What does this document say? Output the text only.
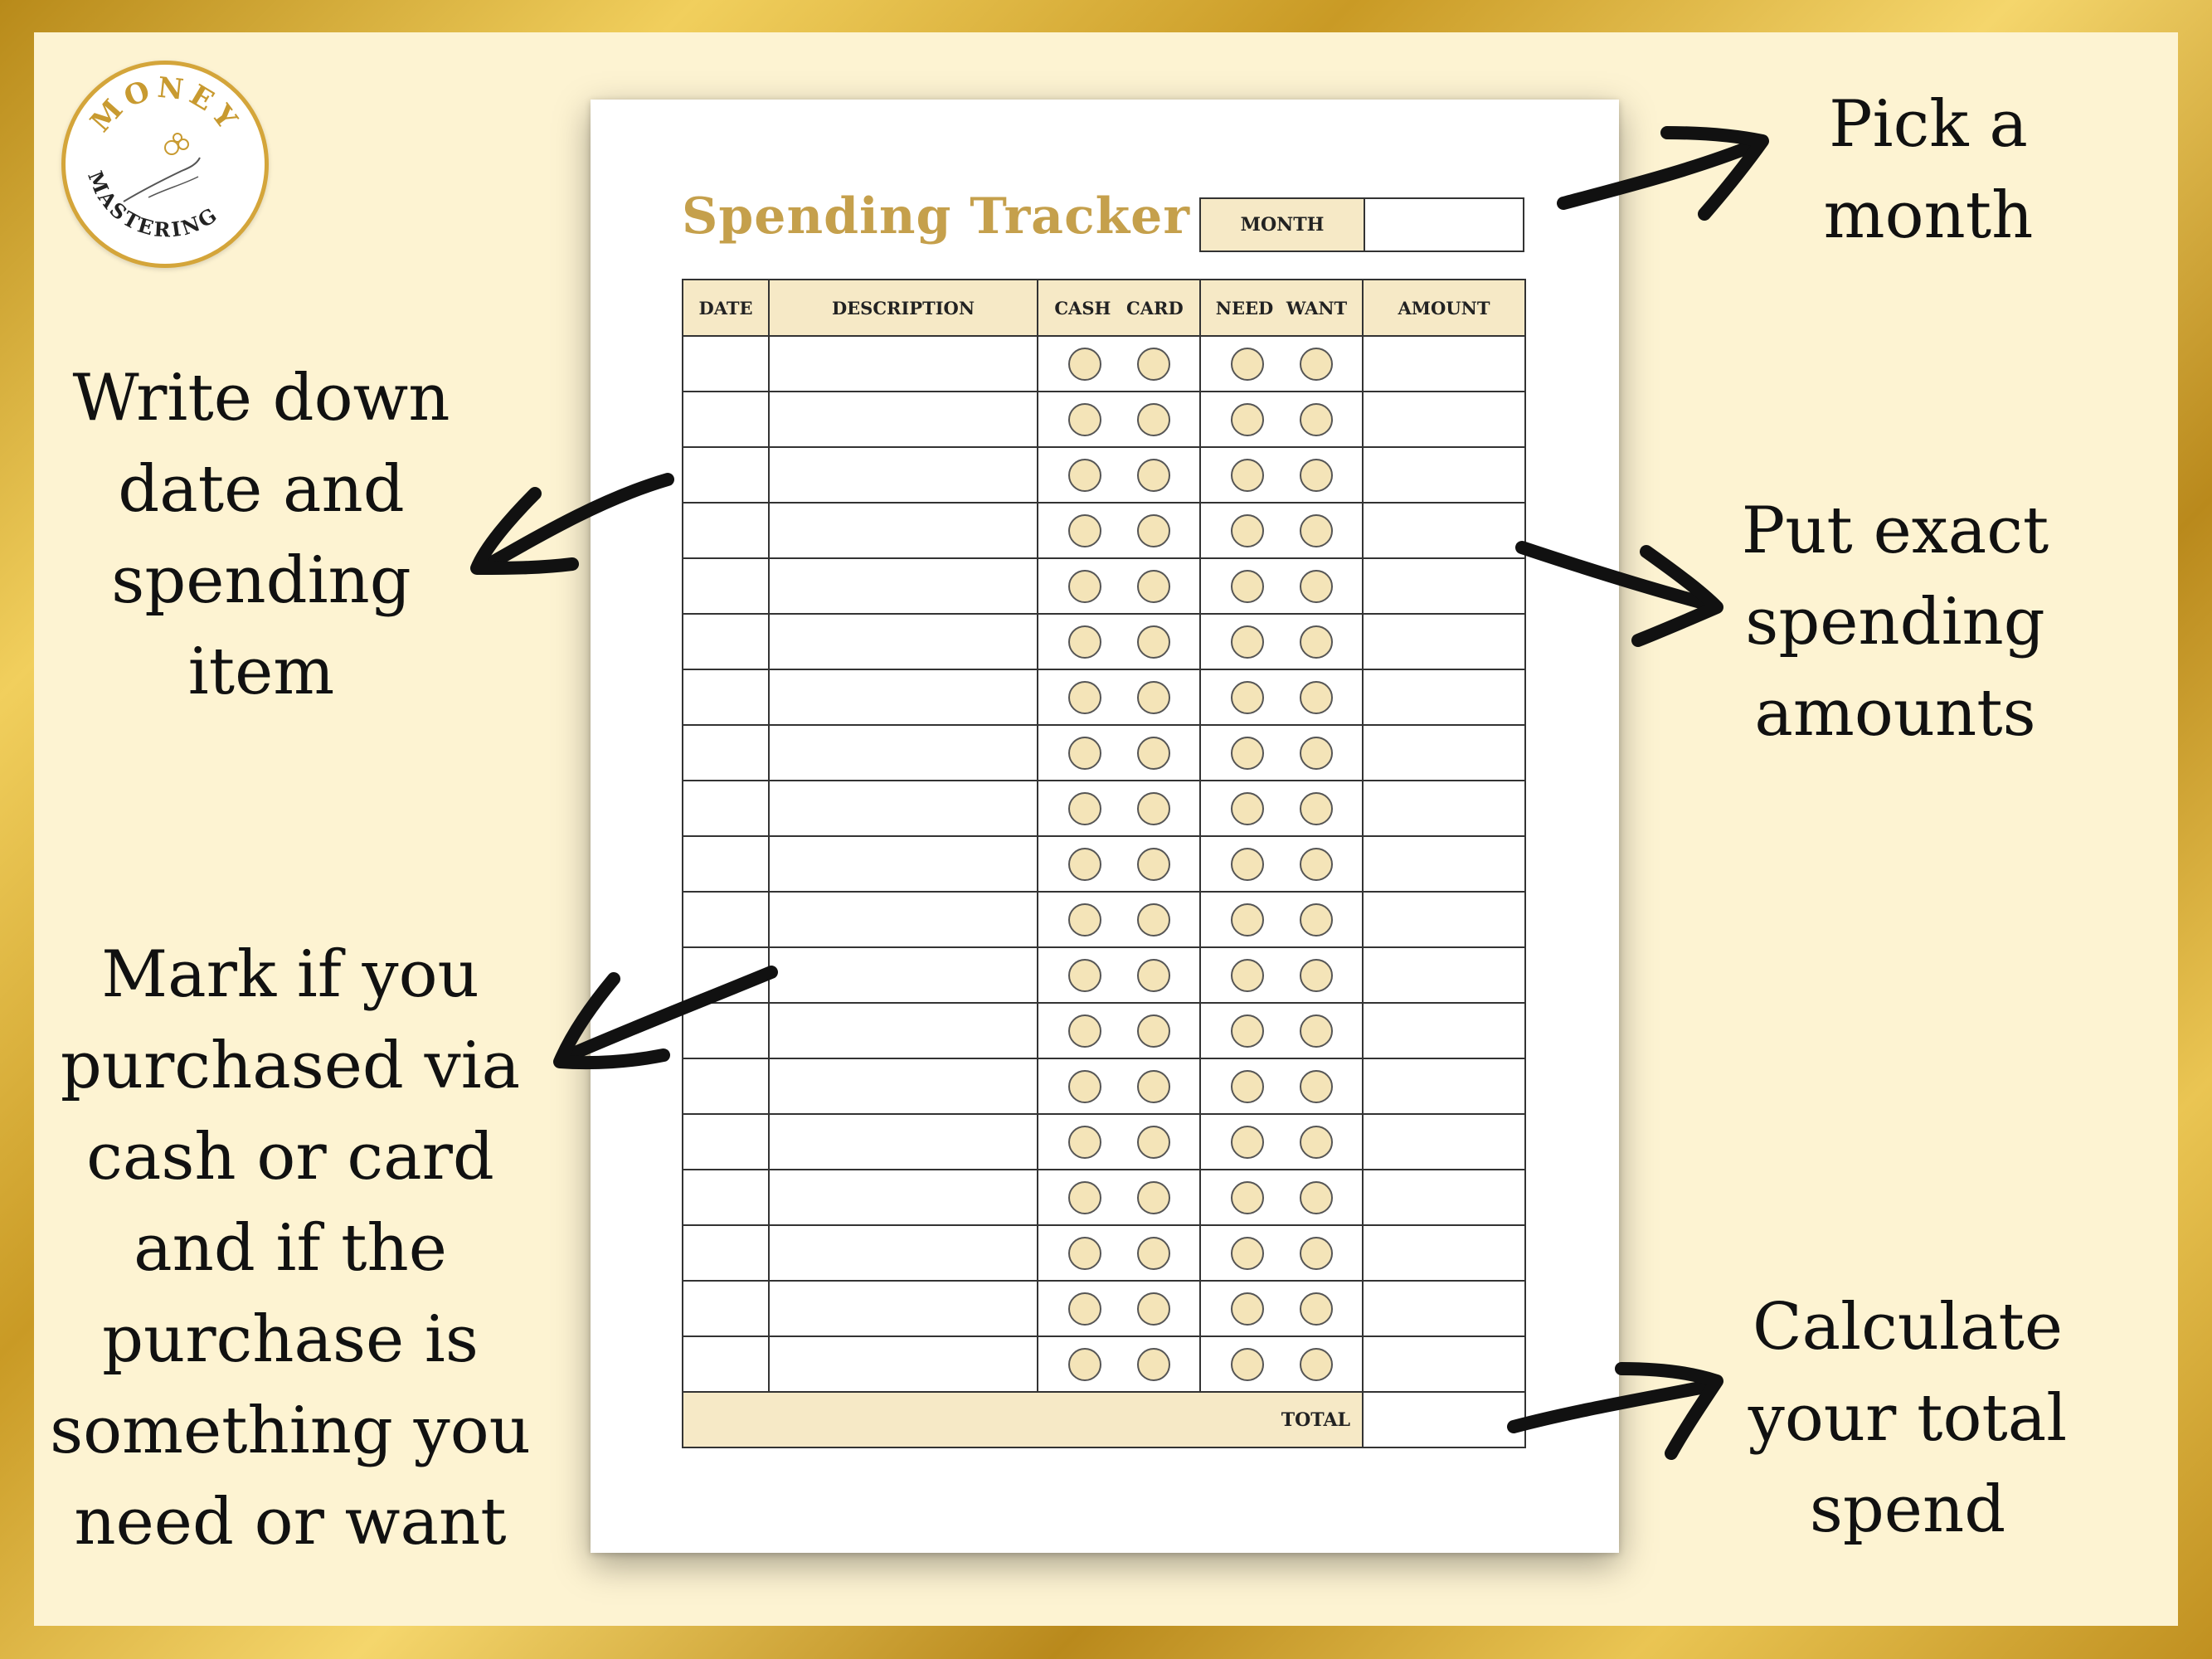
MONEY
MASTERING	Spending Tracker	MONTH
DATE	DESCRIPTION	CASH CARD	NEED WANT	AMOUNT

TOTAL				
Pick a
month
Write down
date and
spending
item
Put exact
spending
amounts
Mark if you
purchased via
cash or card
and if the
purchase is
something you
need or want
Calculate
your total
spend
